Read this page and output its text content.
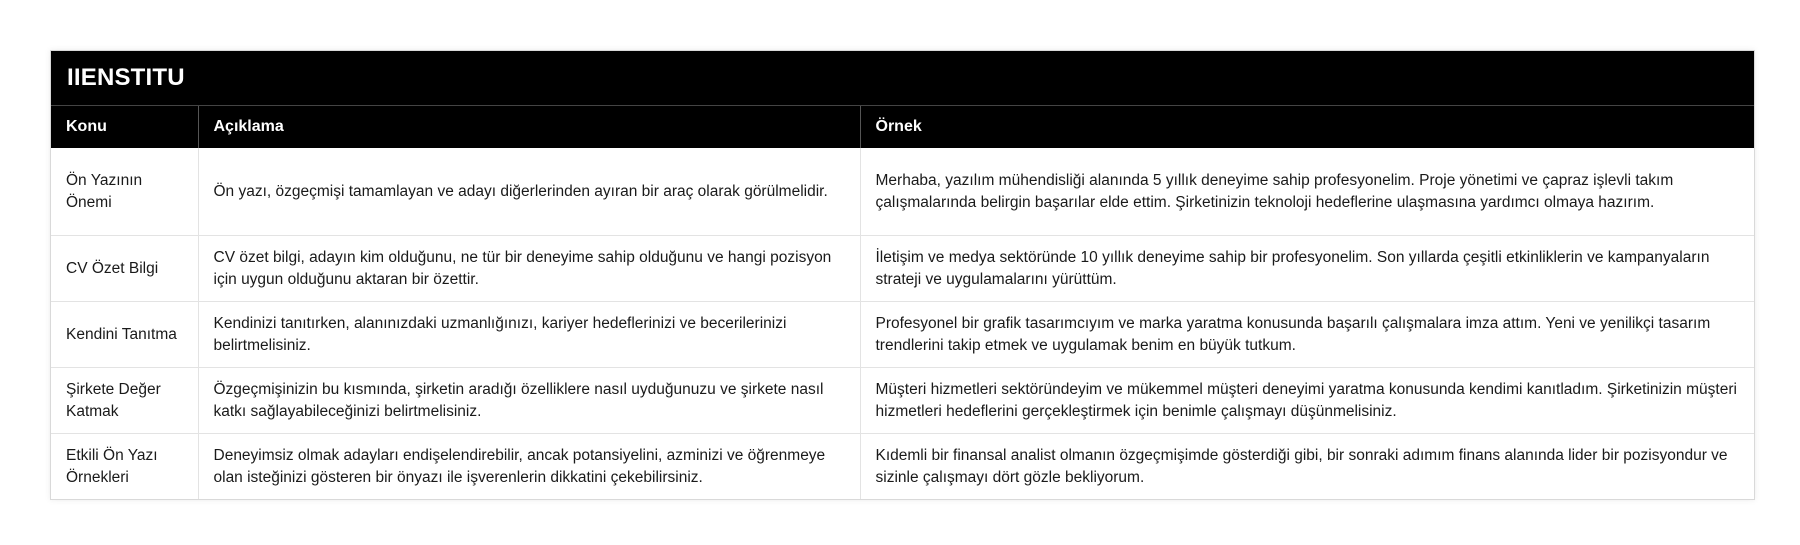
IIENSTITU
Konu	Açıklama	Örnek
Ön Yazının Önemi	Ön yazı, özgeçmişi tamamlayan ve adayı diğerlerinden ayıran bir araç olarak görülmelidir.	Merhaba, yazılım mühendisliği alanında 5 yıllık deneyime sahip profesyonelim. Proje yönetimi ve çapraz işlevli takım çalışmalarında belirgin başarılar elde ettim. Şirketinizin teknoloji hedeflerine ulaşmasına yardımcı olmaya hazırım.
CV Özet Bilgi	CV özet bilgi, adayın kim olduğunu, ne tür bir deneyime sahip olduğunu ve hangi pozisyon için uygun olduğunu aktaran bir özettir.	İletişim ve medya sektöründe 10 yıllık deneyime sahip bir profesyonelim. Son yıllarda çeşitli etkinliklerin ve kampanyaların strateji ve uygulamalarını yürüttüm.
Kendini Tanıtma	Kendinizi tanıtırken, alanınızdaki uzmanlığınızı, kariyer hedeflerinizi ve becerilerinizi belirtmelisiniz.	Profesyonel bir grafik tasarımcıyım ve marka yaratma konusunda başarılı çalışmalara imza attım. Yeni ve yenilikçi tasarım trendlerini takip etmek ve uygulamak benim en büyük tutkum.
Şirkete Değer Katmak	Özgeçmişinizin bu kısmında, şirketin aradığı özelliklere nasıl uyduğunuzu ve şirkete nasıl katkı sağlayabileceğinizi belirtmelisiniz.	Müşteri hizmetleri sektöründeyim ve mükemmel müşteri deneyimi yaratma konusunda kendimi kanıtladım. Şirketinizin müşteri hizmetleri hedeflerini gerçekleştirmek için benimle çalışmayı düşünmelisiniz.
Etkili Ön Yazı Örnekleri	Deneyimsiz olmak adayları endişelendirebilir, ancak potansiyelini, azminizi ve öğrenmeye olan isteğinizi gösteren bir önyazı ile işverenlerin dikkatini çekebilirsiniz.	Kıdemli bir finansal analist olmanın özgeçmişimde gösterdiği gibi, bir sonraki adımım finans alanında lider bir pozisyondur ve sizinle çalışmayı dört gözle bekliyorum.
